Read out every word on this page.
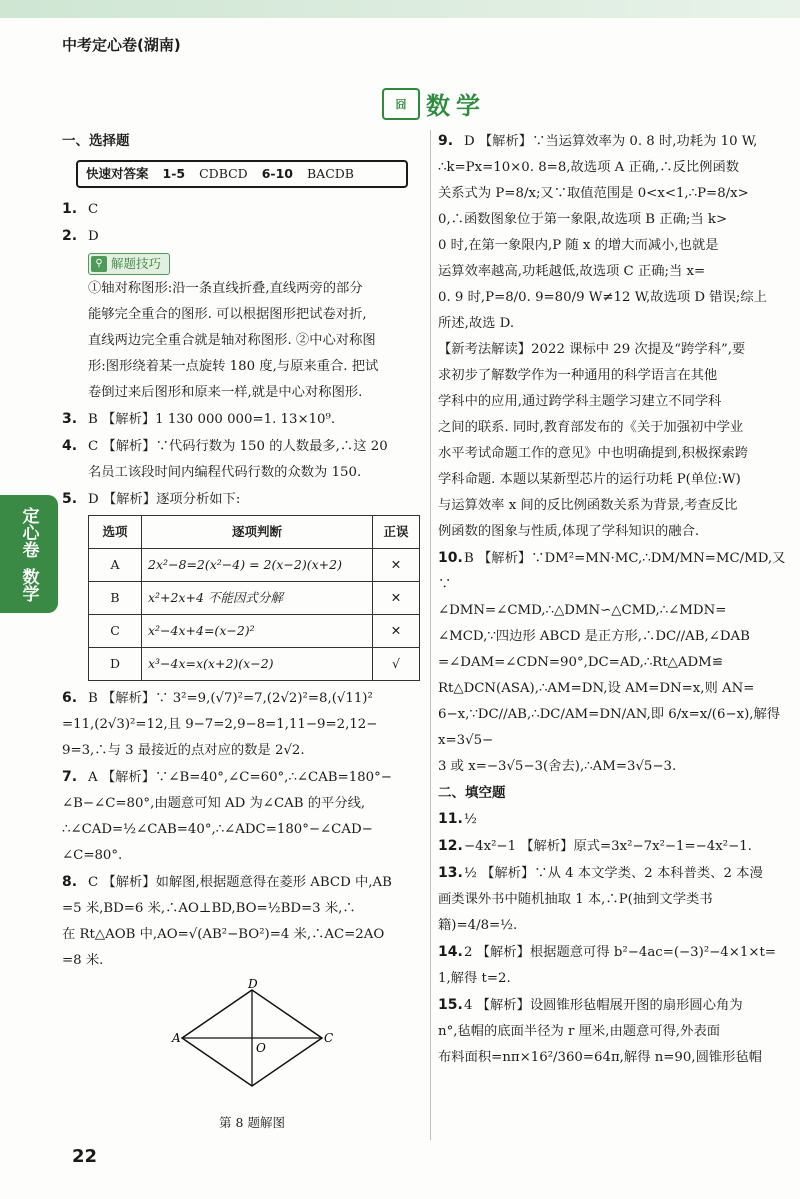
中考定心卷(湖南)
囧 数学
定心卷
数学
一、选择题
快速对答案 1-5 CDBCD 6-10 BACDB
1. C
2. D
⚲ 解题技巧
①轴对称图形:沿一条直线折叠,直线两旁的部分
能够完全重合的图形. 可以根据图形把试卷对折,
直线两边完全重合就是轴对称图形. ②中心对称图
形:图形绕着某一点旋转 180 度,与原来重合. 把试
卷倒过来后图形和原来一样,就是中心对称图形.
3. B 【解析】1 130 000 000=1. 13×10⁹.
4. C 【解析】∵代码行数为 150 的人数最多,∴这 20
名员工该段时间内编程代码行数的众数为 150.
5. D 【解析】逐项分析如下:
选项	逐项判断	正误
A	2x²−8=2(x²−4) = 2(x−2)(x+2)	✕
B	x²+2x+4 不能因式分解	✕
C	x²−4x+4=(x−2)²	✕
D	x³−4x=x(x+2)(x−2)	√
6. B 【解析】∵ 3²=9,(√7)²=7,(2√2)²=8,(√11)²
=11,(2√3)²=12,且 9−7=2,9−8=1,11−9=2,12−
9=3,∴与 3 最接近的点对应的数是 2√2.
7. A 【解析】∵∠B=40°,∠C=60°,∴∠CAB=180°−
∠B−∠C=80°,由题意可知 AD 为∠CAB 的平分线,
∴∠CAD=½∠CAB=40°,∴∠ADC=180°−∠CAD−
∠C=80°.
8. C 【解析】如解图,根据题意得在菱形 ABCD 中,AB
=5 米,BD=6 米,∴AO⊥BD,BO=½BD=3 米,∴
在 Rt△AOB 中,AO=√(AB²−BO²)=4 米,∴AC=2AO
=8 米.
D
A
O
C
第 8 题解图
9. D 【解析】∵当运算效率为 0. 8 时,功耗为 10 W,
∴k=Px=10×0. 8=8,故选项 A 正确,∴反比例函数
关系式为 P=8/x;又∵取值范围是 0<x<1,∴P=8/x>
0,∴函数图象位于第一象限,故选项 B 正确;当 k>
0 时,在第一象限内,P 随 x 的增大而减小,也就是
运算效率越高,功耗越低,故选项 C 正确;当 x=
0. 9 时,P=8/0. 9=80/9 W≠12 W,故选项 D 错误;综上
所述,故选 D.
【新考法解读】2022 课标中 29 次提及“跨学科”,要
求初步了解数学作为一种通用的科学语言在其他
学科中的应用,通过跨学科主题学习建立不同学科
之间的联系. 同时,教育部发布的《关于加强初中学业
水平考试命题工作的意见》中也明确提到,积极探索跨
学科命题. 本题以某新型芯片的运行功耗 P(单位:W)
与运算效率 x 间的反比例函数关系为背景,考查反比
例函数的图象与性质,体现了学科知识的融合.
10.B 【解析】∵DM²=MN·MC,∴DM/MN=MC/MD,又∵
∠DMN=∠CMD,∴△DMN∽△CMD,∴∠MDN=
∠MCD,∵四边形 ABCD 是正方形,∴DC//AB,∠DAB
=∠DAM=∠CDN=90°,DC=AD,∴Rt△ADM≌
Rt△DCN(ASA),∴AM=DN,设 AM=DN=x,则 AN=
6−x,∵DC//AB,∴DC/AM=DN/AN,即 6/x=x/(6−x),解得 x=3√5−
3 或 x=−3√5−3(舍去),∴AM=3√5−3.
二、填空题
11.½
12.−4x²−1 【解析】原式=3x²−7x²−1=−4x²−1.
13.½ 【解析】∵从 4 本文学类、2 本科普类、2 本漫
画类课外书中随机抽取 1 本,∴P(抽到文学类书
籍)=4/8=½.
14.2 【解析】根据题意可得 b²−4ac=(−3)²−4×1×t=
1,解得 t=2.
15.4 【解析】设圆锥形毡帽展开图的扇形圆心角为
n°,毡帽的底面半径为 r 厘米,由题意可得,外表面
布料面积=nπ×16²/360=64π,解得 n=90,圆锥形毡帽
22
